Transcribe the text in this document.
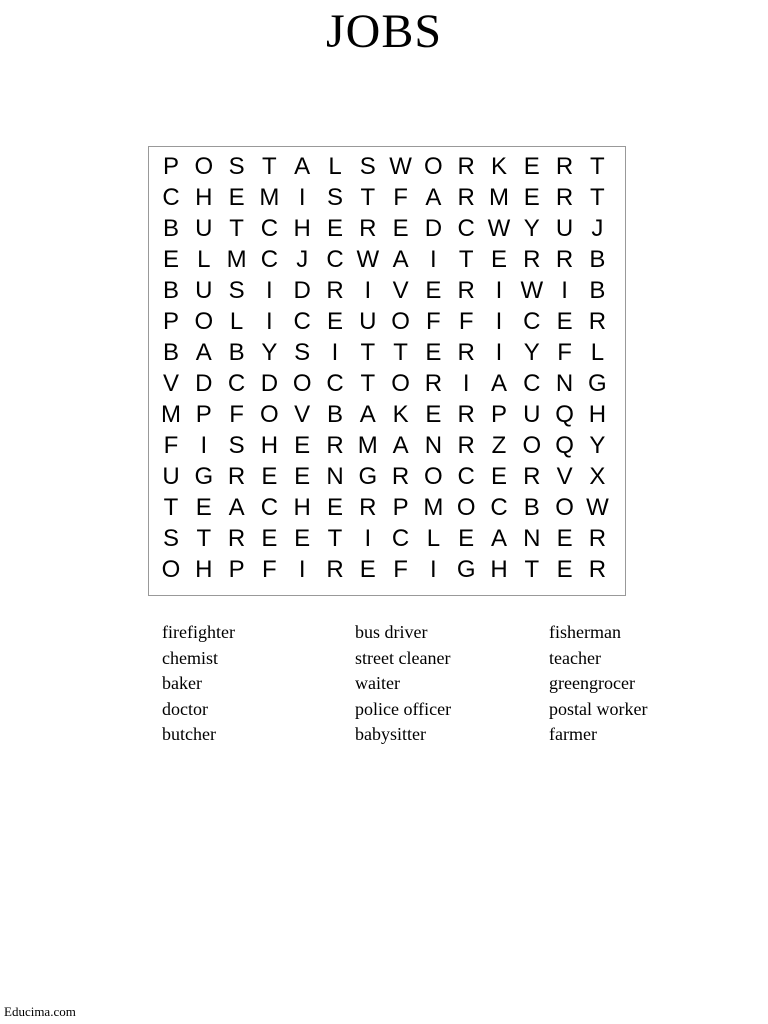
JOBS
P O S T A L S W O R K E R T
C H E M I S T F A R M E R T
B U T C H E R E D C W Y U J
E L M C J C W A I T E R R B
B U S I D R I V E R I W I B
P O L I C E U O F F I C E R
B A B Y S I T T E R I Y F L
V D C D O C T O R I A C N G
M P F O V B A K E R P U Q H
F I S H E R M A N R Z O Q Y
U G R E E N G R O C E R V X
T E A C H E R P M O C B O W
S T R E E T I C L E A N E R
O H P F I R E F I G H T E R
firefighter
chemist
baker
doctor
butcher
bus driver
street cleaner
waiter
police officer
babysitter
fisherman
teacher
greengrocer
postal worker
farmer
Educima.com
